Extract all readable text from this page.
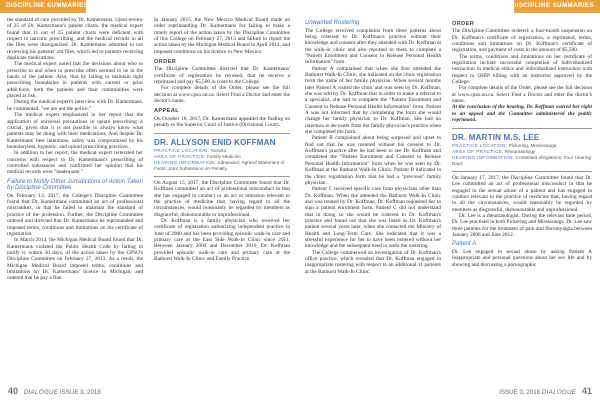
DISCIPLINE SUMMARIES	DISCIPLINE SUMMARIES

the standard of care provided by Dr. Kamermans. Upon review of 25 of Dr. Kamermans's patient charts, the medical expert found that 11 out of 25 patient charts were deficient with respect to narcotic prescribing, and the medical records in all the files were disorganized. Dr. Kamermans admitted to not reviewing his patients' old files, which led to patients receiving duplicate medications.

The medical expert noted that the decisions about who to prescribe to and when to prescribe often seemed to be in the hands of the patient. Also, that by failing to maintain tight prescribing boundaries in patients with current or prior addictions, both the patients and their communities were placed at risk.

During the medical expert's interview with Dr. Kamermans, he commented, "we are not the police."

The medical expert emphasized in her report that the application of universal precautions in opiate prescribing is crucial, given that it is not possible to always know what patients may be doing with their medications. And despite Dr. Kamermans' best intentions, safety was compromised by his boundaryless, hypnotic, and opioid prescribing practices.

In addition to her report, the medical expert reiterated her concerns with respect to Dr. Kamermans's prescribing of controlled substances and confirmed her opinion that his medical records were "inadequate."

Failure to Notify Other Jurisdictions of Action Taken by Discipline Committee

On February 13, 2017, the College's Discipline Committee found that Dr. Kamermans committed an act of professional misconduct, in that he failed to maintain the standard of practice of the profession. Further, the Discipline Committee ordered and directed that Dr. Kamermans be reprimanded and imposed terms, conditions and limitations on his certificate of registration.

In March 2014, the Michigan Medical Board found that Dr. Kamermans violated the Public Health Code by failing to notify it, within 30 days, of the action taken by the CPSO's Discipline Committee on February 27, 2013. As a result, the Michigan Medical Board imposed terms, conditions and limitations on Dr. Kamermans' licence in Michigan, and ordered that he pay a fine.

In January 2015, the New Mexico Medical Board made an order reprimanding Dr. Kamermans for failing to make a timely report of the action taken by the Discipline Committee of this College on February 27, 2013 and failure to report the action taken by the Michigan Medical Board in April 2014, and imposed conditions on his licence in New Mexico.

ORDER

The Discipline Committee directed that Dr. Kamermans' certificate of registration be revoked, that he receive a reprimand and pay $5,500 in costs to the College.

For complete details of the Order, please see the full decision at www.cpso.on.ca. Select Find a Doctor and enter the doctor's name.

APPEAL

On October 16, 2017, Dr. Kamermans appealed the finding on penalty to the Superior Court of Justice (Divisional Court).

DR. ALLYSON ENID KOFFMAN
PRACTICE LOCATION: Toronto
AREA OF PRACTICE: Family Medicine
HEARING INFORMATION: Admission; Agreed Statement of Facts; Joint Submission on Penalty

On August 15, 2017, the Discipline Committee found that Dr. Koffman committed an act of professional misconduct in that she has engaged in conduct or an act or omission relevant to the practice of medicine that, having regard to all the circumstances, would reasonably be regarded by members as disgraceful, dishonourable or unprofessional.

Dr. Koffman is a family physician who received her certificate of registration authorizing independent practice in June of 2000 and has been providing episodic walk-in care and primary care at the East Side Walk-in Clinic since 2011. Between January 2004 and December 2010, Dr. Koffman provided episodic walk-in care and primary care at the Bathurst Walk-In Clinic and Family Practice.

Unwanted Rostering

The College received complaints from three patients about being rostered to Dr. Koffman's practice without their knowledge and consent after they attended with Dr. Koffman at the walk-in clinic and also reported to them to complete a "Patient Enrolment and Consent to Release Personal Health Information" form.

Patient A complained that when she first attended the Bathurst Walk-In Clinic, she indicated on the clinic registration form the name of her family physician. When several months later Patient A visited the clinic and was seen by Dr. Koffman, she was told by Dr. Koffman that in order to make a referral to a specialist, she had to complete the "Patient Enrolment and Consent to Release Personal Health Information" form. Patient A was not informed that by completing the form she would change her family physician to Dr. Koffman. She had no intention to de-roster from her family physician's practice when she completed the form.

Patient B complained about being surprised and upset to find out that he was rostered without his consent to Dr. Koffman's practice after he had been to see Dr. Koffman and completed the "Patient Enrolment and Consent to Release Personal Health Information" form when he was seen by Dr. Koffman at the Bathurst Walk-In Clinic. Patient B indicated in the clinic registration form that he had a "previous" family physician.

Patient C received specific care from physicians other than Dr. Koffman. When she attended the Bathurst Walk-In Clinic and was treated by Dr. Koffman, Dr. Koffman requested her to sign a patient enrolment form. Patient C did not understand that in doing so she would be rostered to Dr. Koffman's practice and found out that she was listed as Dr. Koffman's patient several years later, when she contacted the Ministry of Health and Long-Term Care. She indicated that it was a stressful experience for her to have been rostered without her knowledge and the subsequent need to undo the rostering.

The College commenced an investigation of Dr. Koffman's office practice, which revealed that Dr. Koffman engaged in inappropriate rostering with respect to an additional 11 patients at the Bathurst Walk-In Clinic.

ORDER

The Discipline Committee ordered: a four-month suspension on Dr. Koffman's certificate of registration, a reprimand, terms, conditions and limitations on Dr. Koffman's certificate of registration, and payment of costs in the amount of $5,500.

The terms, conditions and limitations on her certificate of registration include successful completion of individualized instruction in medical ethics and individualized instruction with respect to OHIP billing with an instructor approved by the College.

For complete details of the Order, please see the full decision at www.cpso.on.ca. Select Find a Doctor and enter the doctor's name.

At the conclusion of the hearing, Dr. Koffman waived her right to an appeal and the Committee administered the public reprimand.

DR. MARTIN M.S. LEE
PRACTICE LOCATION: Pickering, Mississauga
AREA OF PRACTICE: Rheumatology
HEARING INFORMATION: Contested Allegations; Four Hearing Days

On January 17, 2017, the Discipline Committee found that Dr. Lee committed an act of professional misconduct in that he engaged in the sexual abuse of a patient and has engaged in conduct relevant to the practice of medicine that, having regard to all the circumstances, would reasonably be regarded by members as disgraceful, dishonourable and unprofessional.

Dr. Lee is a rheumatologist. During the relevant time period, Dr. Lee practised in both Pickering and Mississauga. Dr. Lee saw three patients for the treatment of pain and fibromyalgia between January 2008 and June 2012.

Patient A

Dr. Lee engaged in sexual abuse by asking Patient A inappropriate and personal questions about her sex life and by showing and discussing a pornographic

40 DIALOGUE ISSUE 3, 2018	ISSUE 3, 2018 DIALOGUE 41
